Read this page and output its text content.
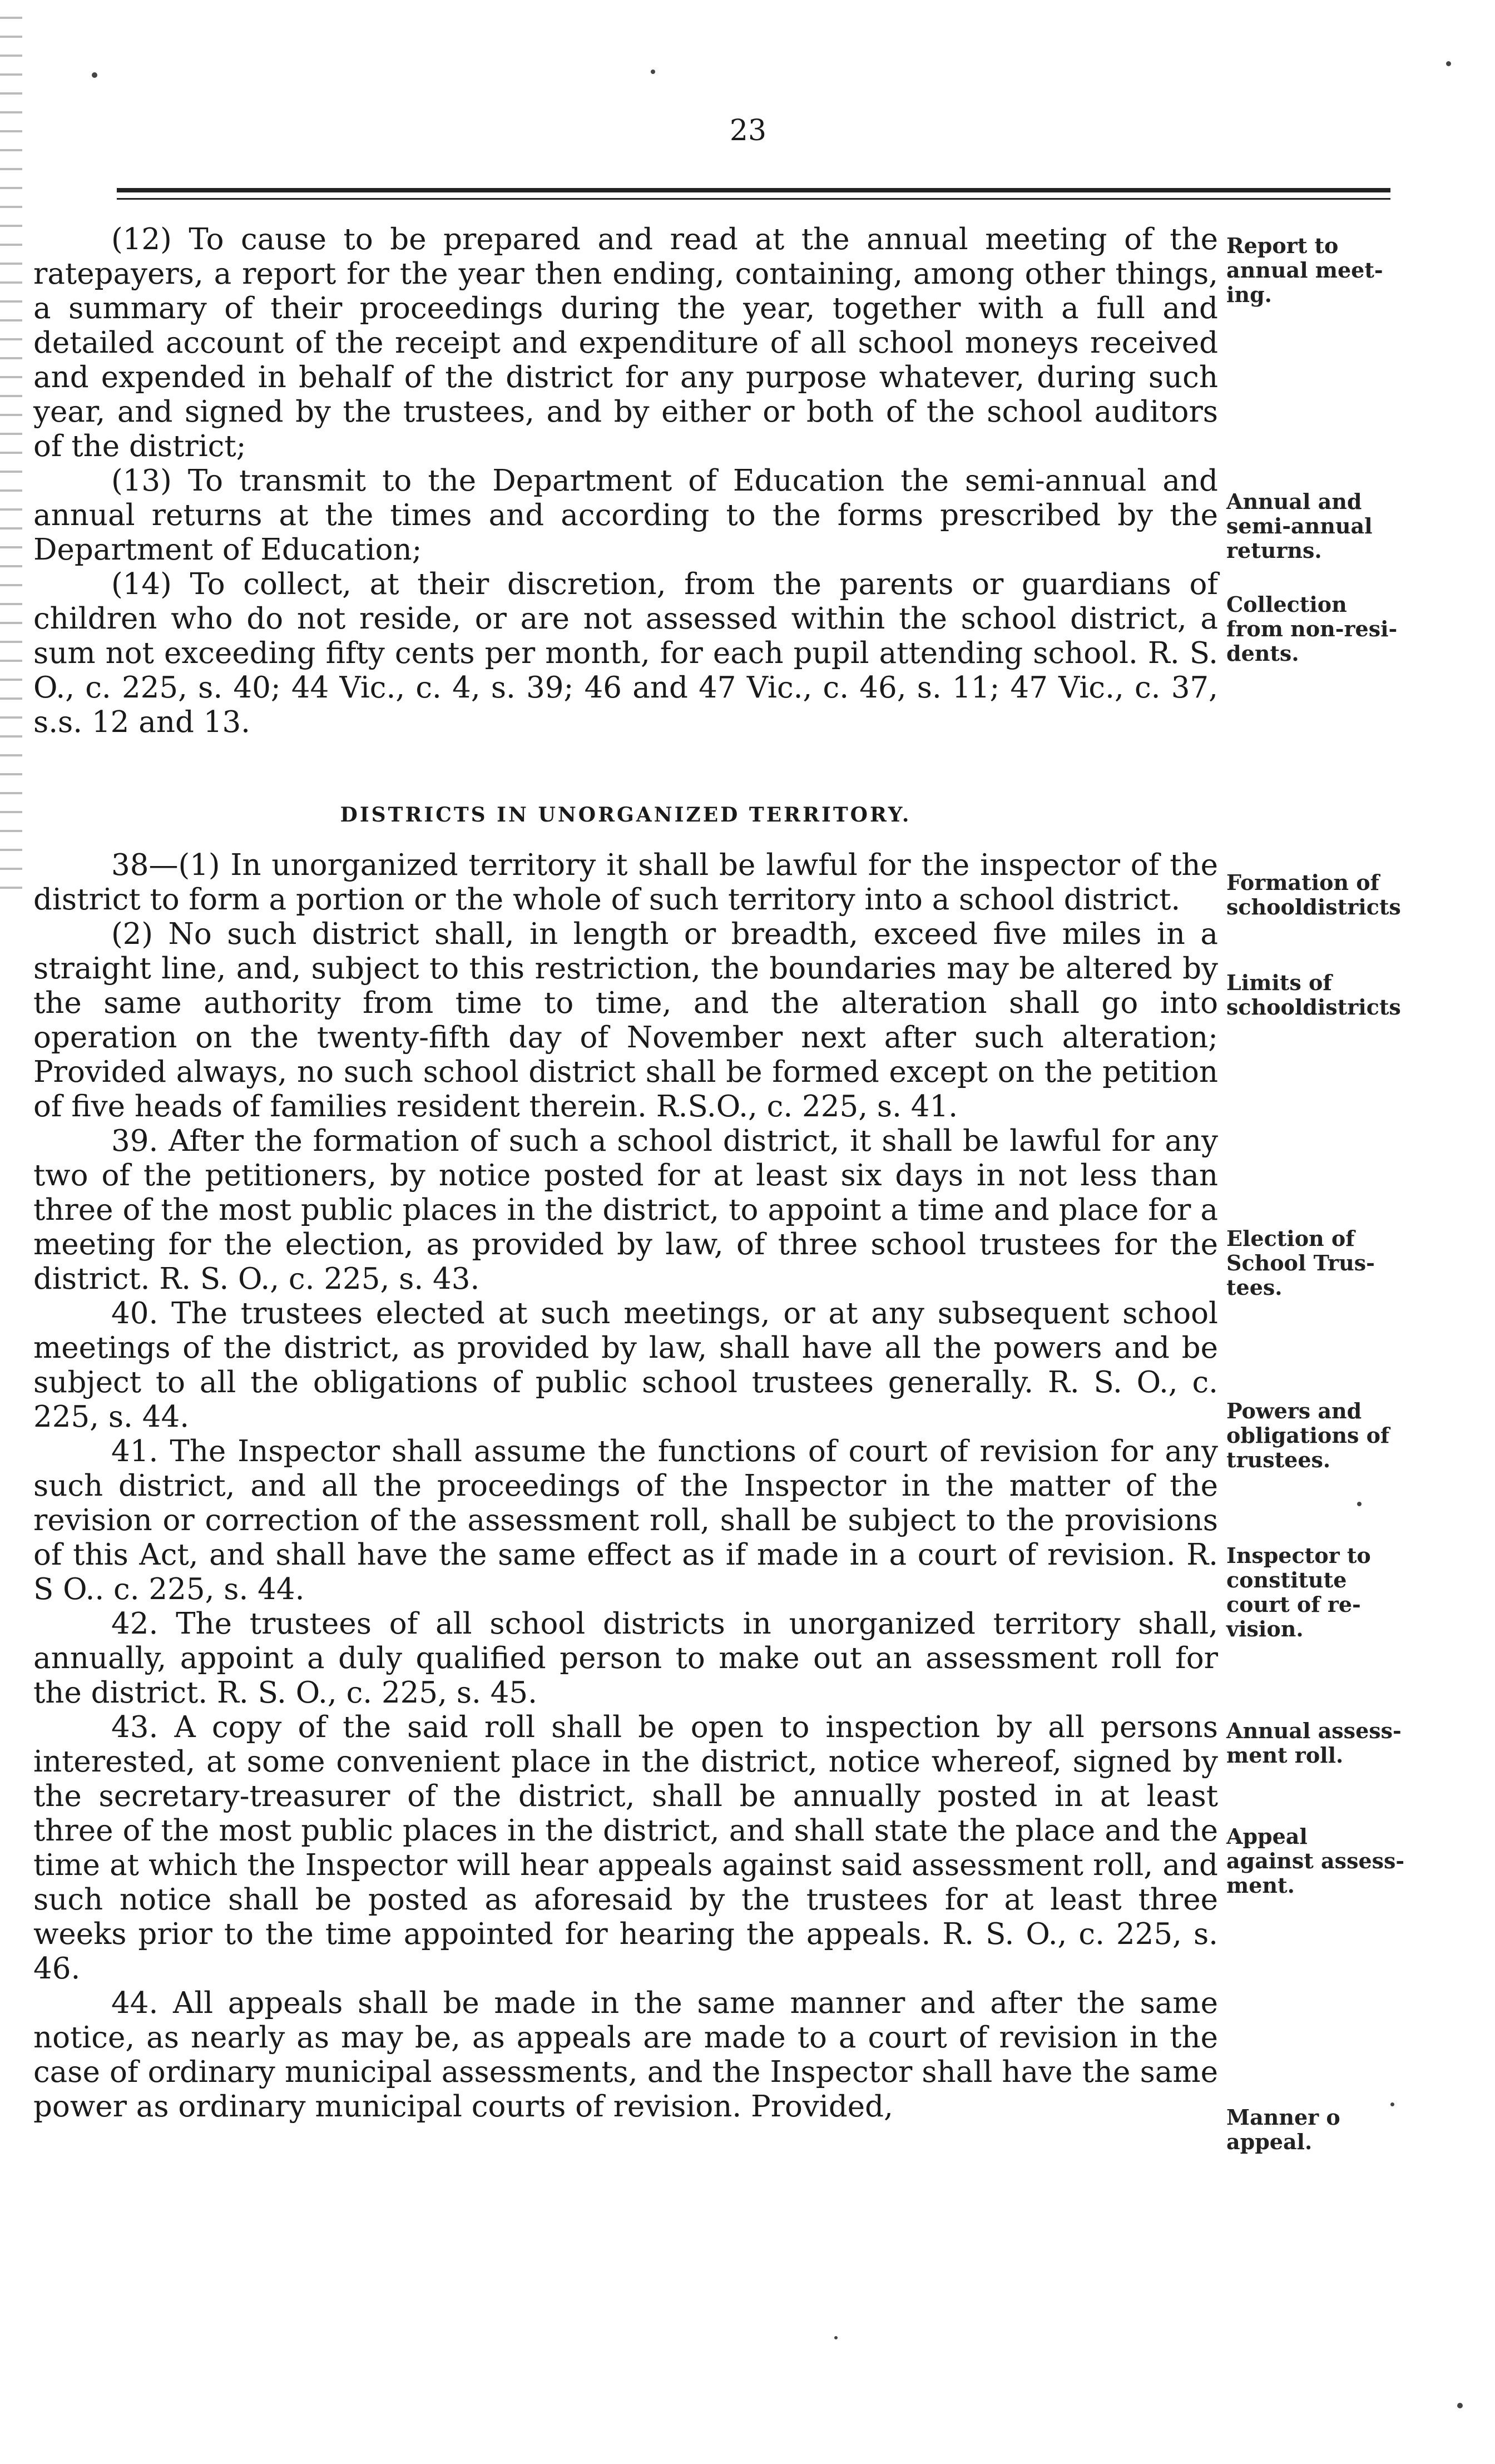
23

(12) To cause to be prepared and read at the annual meeting of the ratepayers, a report for the year then ending, containing, among other things, a summary of their proceedings during the year, together with a full and detailed account of the receipt and expenditure of all school moneys received and expended in behalf of the district for any purpose whatever, during such year, and signed by the trustees, and by either or both of the school auditors of the district;

(13) To transmit to the Department of Education the semi-annual and annual returns at the times and according to the forms prescribed by the Department of Education;

(14) To collect, at their discretion, from the parents or guardians of children who do not reside, or are not assessed within the school district, a sum not exceeding fifty cents per month, for each pupil attending school. R. S. O., c. 225, s. 40; 44 Vic., c. 4, s. 39; 46 and 47 Vic., c. 46, s. 11; 47 Vic., c. 37, s.s. 12 and 13.

DISTRICTS IN UNORGANIZED TERRITORY.

38—(1) In unorganized territory it shall be lawful for the inspector of the district to form a portion or the whole of such territory into a school district.

(2) No such district shall, in length or breadth, exceed five miles in a straight line, and, subject to this restriction, the boundaries may be altered by the same authority from time to time, and the alteration shall go into operation on the twenty-fifth day of November next after such alteration; Provided always, no such school district shall be formed except on the petition of five heads of families resident therein. R.S.O., c. 225, s. 41.

39. After the formation of such a school district, it shall be lawful for any two of the petitioners, by notice posted for at least six days in not less than three of the most public places in the district, to appoint a time and place for a meeting for the election, as provided by law, of three school trustees for the district. R. S. O., c. 225, s. 43.

40. The trustees elected at such meetings, or at any subsequent school meetings of the district, as provided by law, shall have all the powers and be subject to all the obligations of public school trustees generally. R. S. O., c. 225, s. 44.

41. The Inspector shall assume the functions of court of revision for any such district, and all the proceedings of the Inspector in the matter of the revision or correction of the assessment roll, shall be subject to the provisions of this Act, and shall have the same effect as if made in a court of revision. R. S O.. c. 225, s. 44.

42. The trustees of all school districts in unorganized territory shall, annually, appoint a duly qualified person to make out an assessment roll for the district. R. S. O., c. 225, s. 45.

43. A copy of the said roll shall be open to inspection by all persons interested, at some convenient place in the district, notice whereof, signed by the secretary-treasurer of the district, shall be annually posted in at least three of the most public places in the district, and shall state the place and the time at which the Inspector will hear appeals against said assessment roll, and such notice shall be posted as aforesaid by the trustees for at least three weeks prior to the time appointed for hearing the appeals. R. S. O., c. 225, s. 46.

44. All appeals shall be made in the same manner and after the same notice, as nearly as may be, as appeals are made to a court of revision in the case of ordinary municipal assessments, and the Inspector shall have the same power as ordinary municipal courts of revision. Provided,

Report to
annual meet-
ing.
Annual and
semi-annual
returns.
Collection
from non-resi-
dents.
Formation of
schooldistricts
Limits of
schooldistricts
Election of
School Trus-
tees.
Powers and
obligations of
trustees.
Inspector to
constitute
court of re-
vision.
Annual assess-
ment roll.
Appeal
against assess-
ment.
Manner o
appeal.
